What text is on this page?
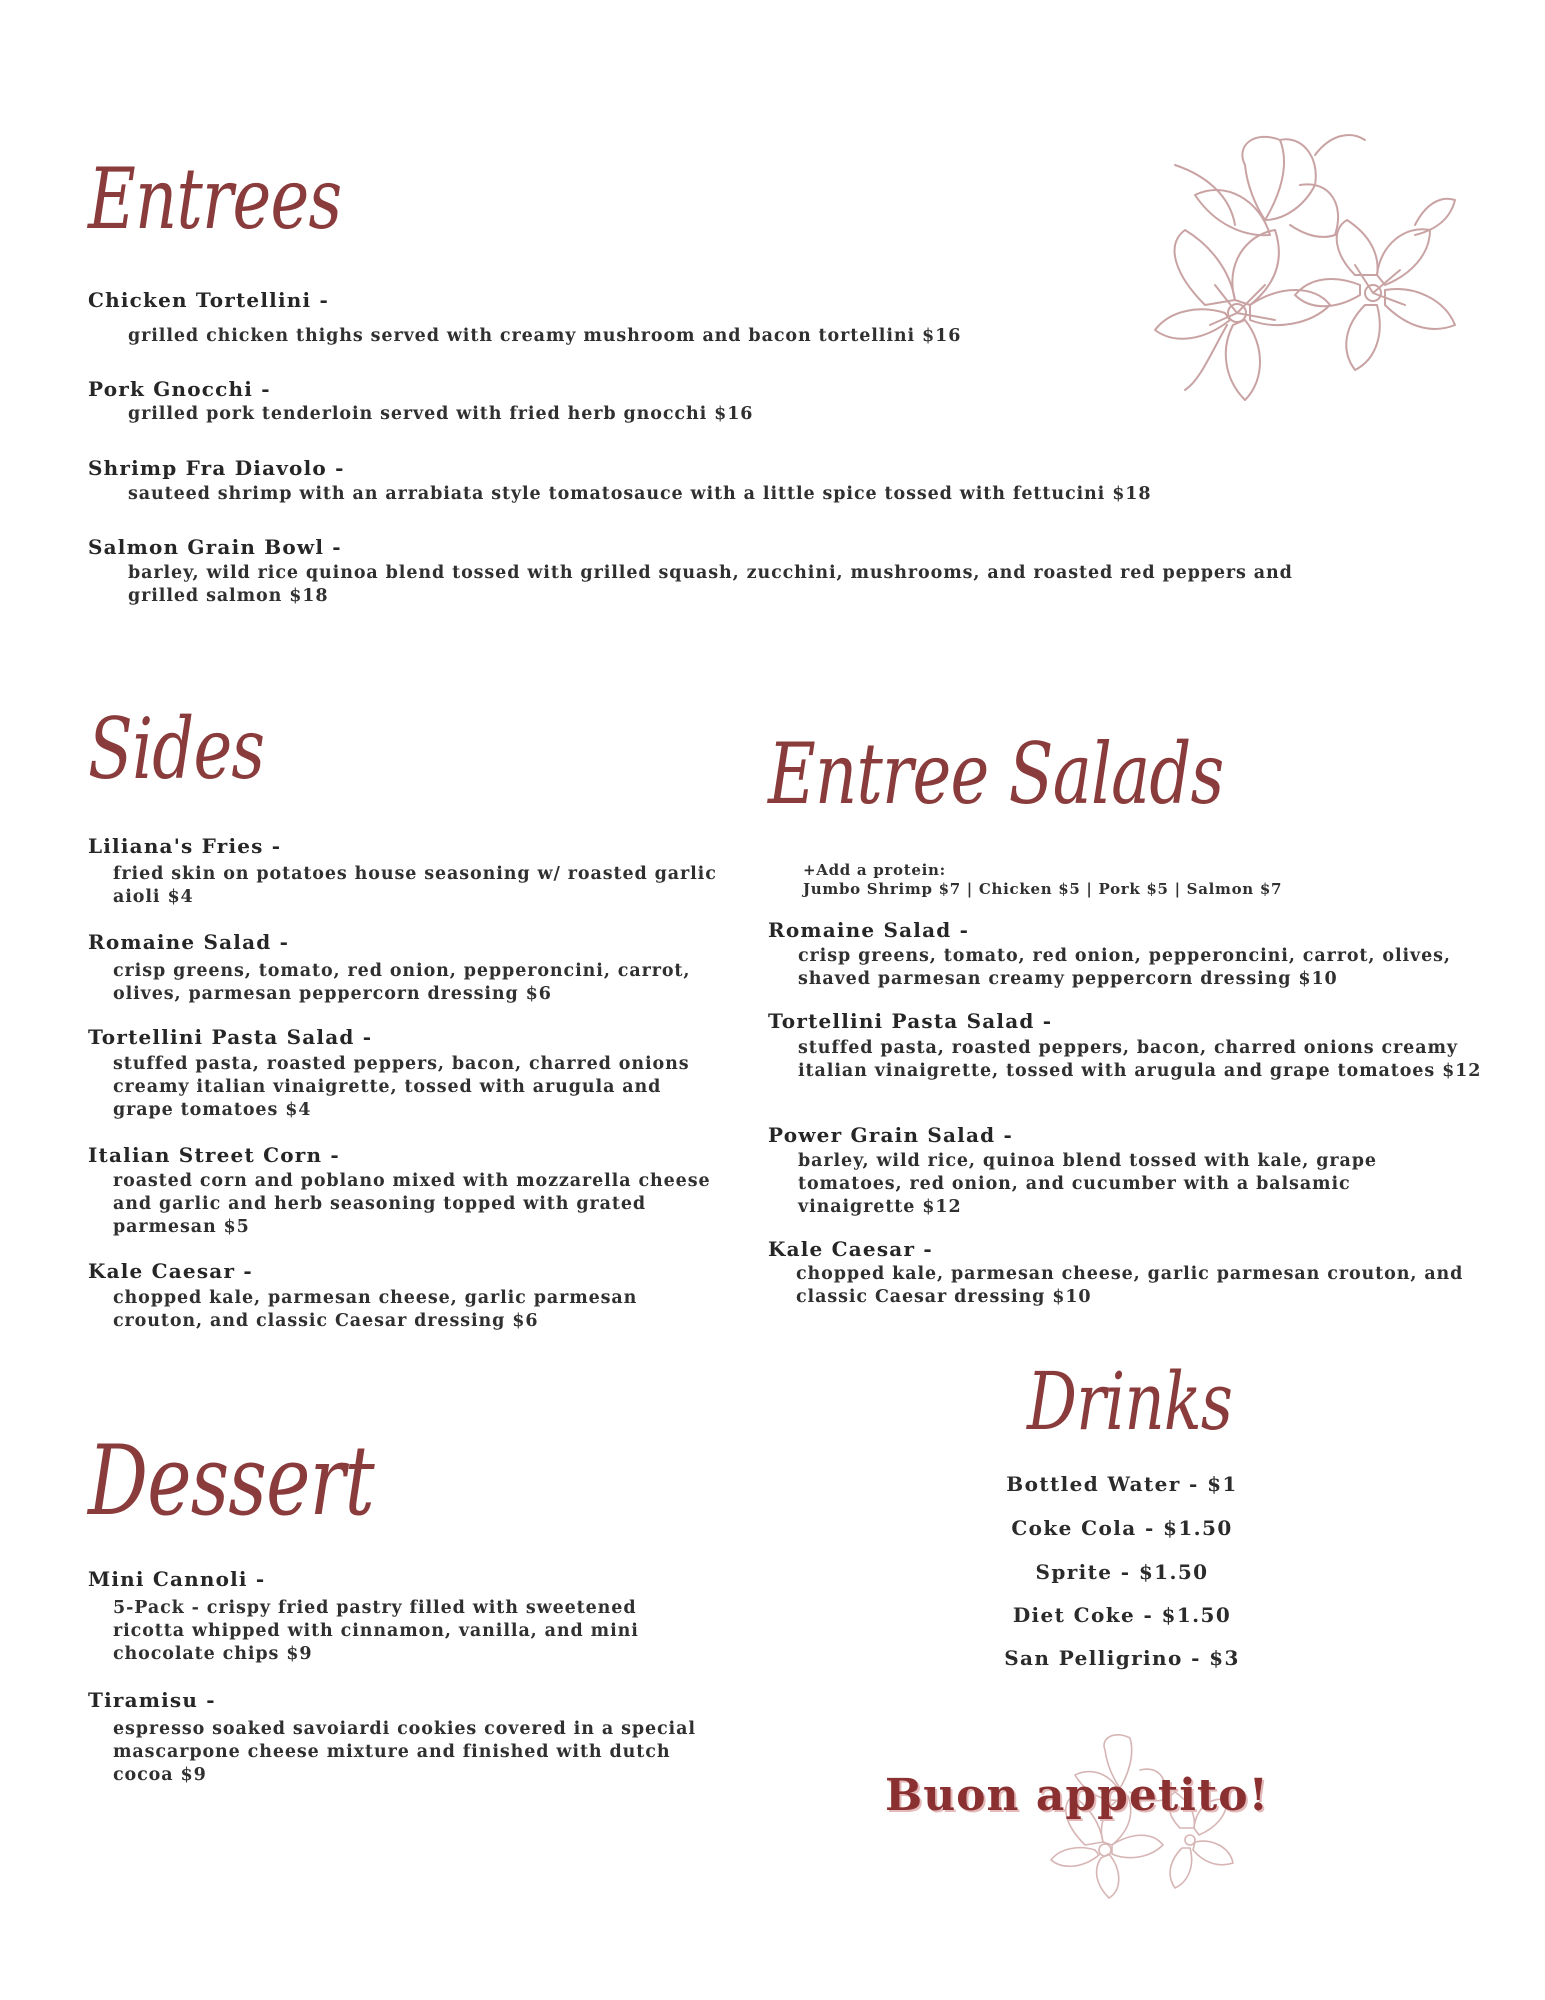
Entrees

Chicken Tortellini -

grilled chicken thighs served with creamy mushroom and bacon tortellini $16

Pork Gnocchi -

grilled pork tenderloin served with fried herb gnocchi $16

Shrimp Fra Diavolo -

sauteed shrimp with an arrabiata style tomatosauce with a little spice tossed with fettucini $18

Salmon Grain Bowl -

barley, wild rice quinoa blend tossed with grilled squash, zucchini, mushrooms, and roasted red peppers and grilled salmon $18

Sides

Liliana's Fries -

fried skin on potatoes house seasoning w/ roasted garlic aioli $4

Romaine Salad -

crisp greens, tomato, red onion, pepperoncini, carrot, olives, parmesan peppercorn dressing $6

Tortellini Pasta Salad -

stuffed pasta, roasted peppers, bacon, charred onions creamy italian vinaigrette, tossed with arugula and grape tomatoes $4

Italian Street Corn -

roasted corn and poblano mixed with mozzarella cheese and garlic and herb seasoning topped with grated parmesan $5

Kale Caesar -

chopped kale, parmesan cheese, garlic parmesan crouton, and classic Caesar dressing $6

Entree Salads
+Add a protein:
Jumbo Shrimp $7 | Chicken $5 | Pork $5 | Salmon $7

Romaine Salad -

crisp greens, tomato, red onion, pepperoncini, carrot, olives, shaved parmesan creamy peppercorn dressing $10

Tortellini Pasta Salad -

stuffed pasta, roasted peppers, bacon, charred onions creamy italian vinaigrette, tossed with arugula and grape tomatoes $12

Power Grain Salad -

barley, wild rice, quinoa blend tossed with kale, grape tomatoes, red onion, and cucumber with a balsamic vinaigrette $12

Kale Caesar -

chopped kale, parmesan cheese, garlic parmesan crouton, and classic Caesar dressing $10

Dessert

Mini Cannoli -

5-Pack - crispy fried pastry filled with sweetened ricotta whipped with cinnamon, vanilla, and mini chocolate chips $9

Tiramisu -

espresso soaked savoiardi cookies covered in a special mascarpone cheese mixture and finished with dutch cocoa $9

Drinks
Bottled Water - $1
Coke Cola - $1.50
Sprite - $1.50
Diet Coke - $1.50
San Pelligrino - $3
Buon appetito!
